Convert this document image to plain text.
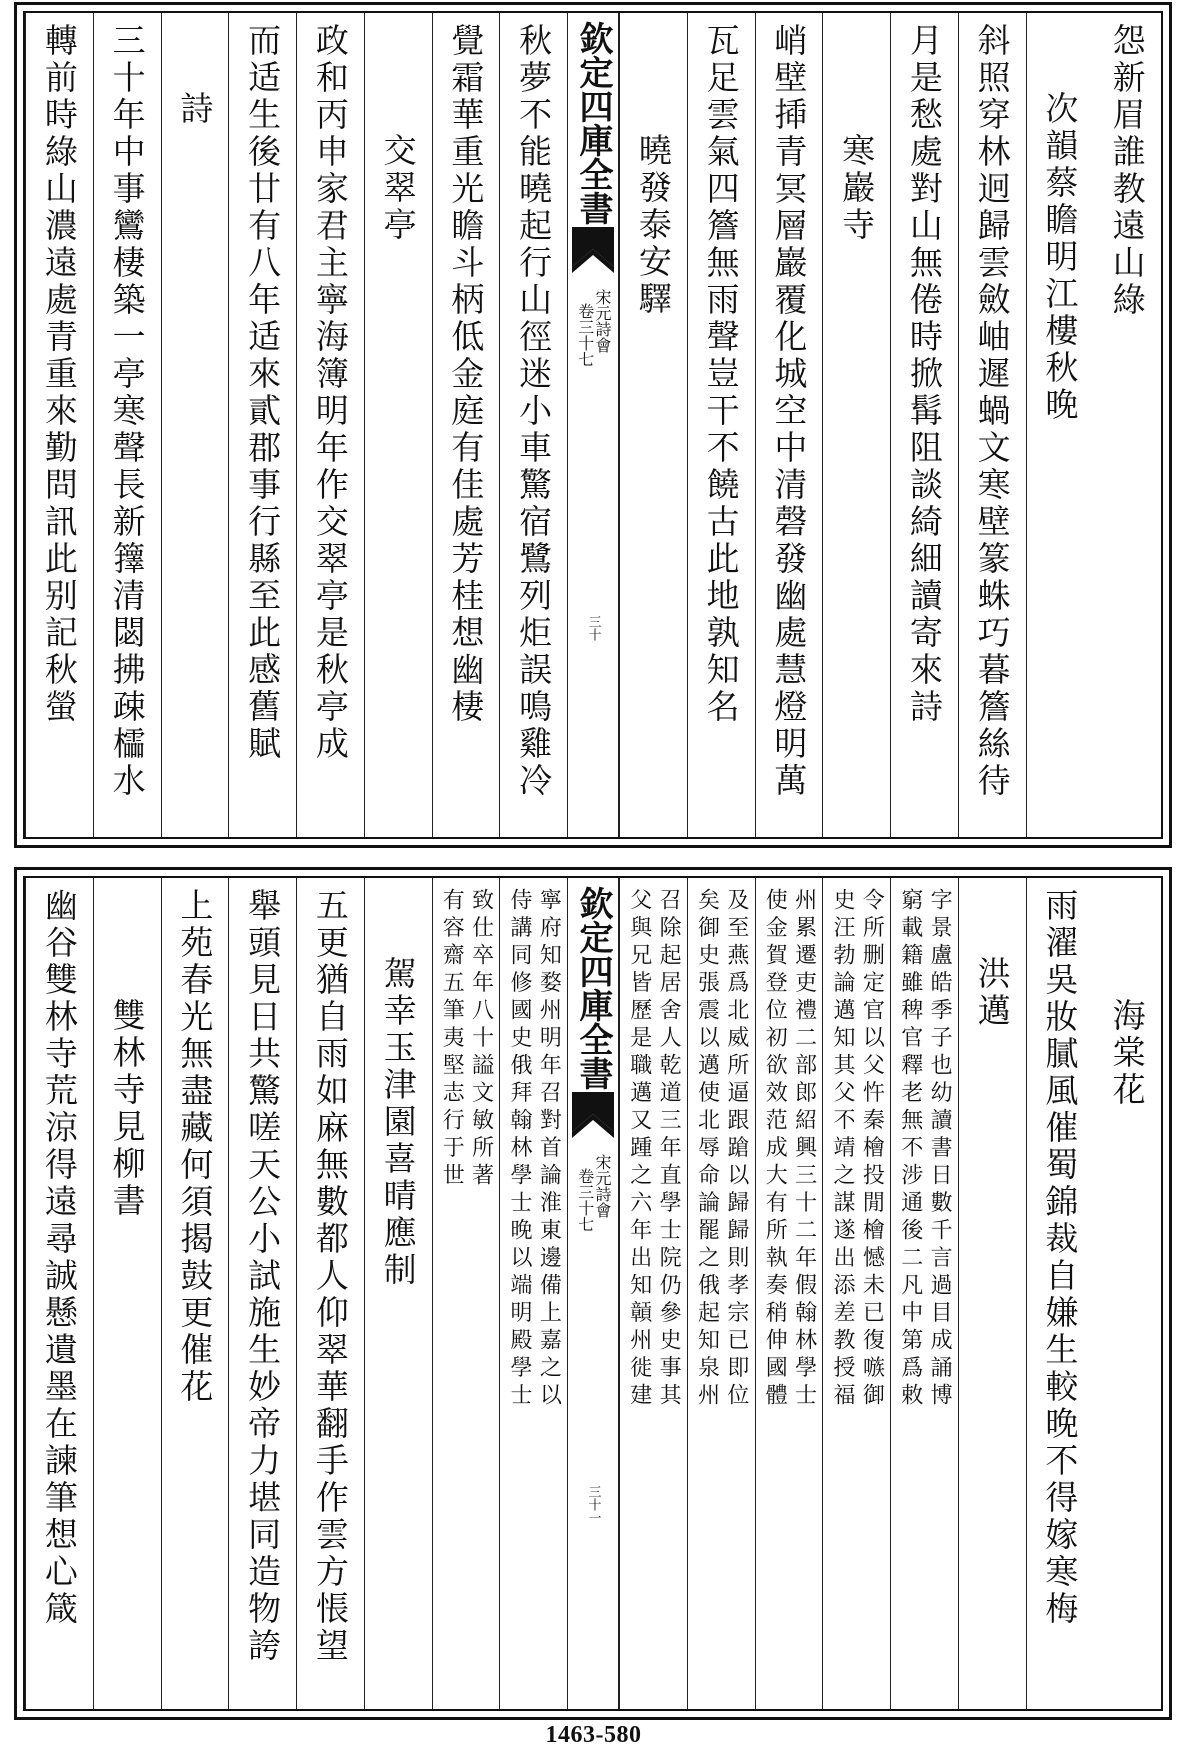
怨新眉誰教遠山綠
次韻蔡瞻明江樓秋晚
斜照穿林迥歸雲斂岫遲蝸文寒壁篆蛛巧暮簷絲待
月是愁處對山無倦時掀髯阻談綺細讀寄來詩
寒巖寺
峭壁揷青冥層巖覆化城空中清磬發幽處慧燈明萬
瓦足雲氣四簷無雨聲豈干不饒古此地孰知名
曉發泰安驛
秋夢不能曉起行山徑迷小車驚宿鷺列炬誤鳴雞冷
覺霜華重光瞻斗柄低金庭有佳處芳桂想幽棲
交翠亭
政和丙申家君主寧海簿明年作交翠亭是秋亭成
而适生後廿有八年适來貳郡事行縣至此感舊賦
詩
三十年中事鸞棲築一亭寒聲長新籜清閟拂疎櫺水
轉前時綠山濃遠處青重來勤問訊此别記秋螢	欽定四庫全書
宋元詩會
卷三十七
三十
海棠花
雨濯吳妝膩風催蜀錦裁自嫌生較晚不得嫁寒梅
洪邁
字景盧皓季子也幼讀書日數千言過目成誦博
窮載籍雖稗官釋老無不涉通後二凡中第爲敕
令所删定官以父忤秦檜投閒檜憾未已復嗾御
史汪勃論邁知其父不靖之謀遂出添差教授福
州累遷吏禮二部郎紹興三十二年假翰林學士
使金賀登位初欲效范成大有所執奏稍伸國體
及至燕爲北威所逼跟蹌以歸歸則孝宗已即位
矣御史張震以邁使北辱命論罷之俄起知泉州
召除起居舍人乾道三年直學士院仍參史事其
父與兄皆歷是職邁又踵之六年出知贑州徙建
寧府知婺州明年召對首論淮東邊備上嘉之以
侍講同修國史俄拜翰林學士晚以端明殿學士
致仕卒年八十謚文敏所著
有容齋五筆夷堅志行于世
駕幸玉津園喜晴應制
五更猶自雨如麻無數都人仰翠華翻手作雲方悵望
舉頭見日共驚嗟天公小試施生妙帝力堪同造物誇
上苑春光無盡藏何須揭鼓更催花
雙林寺見柳書
幽谷雙林寺荒涼得遠尋誠懸遺墨在諫筆想心箴	欽定四庫全書
宋元詩會
卷三十七
三十一
1463-580
